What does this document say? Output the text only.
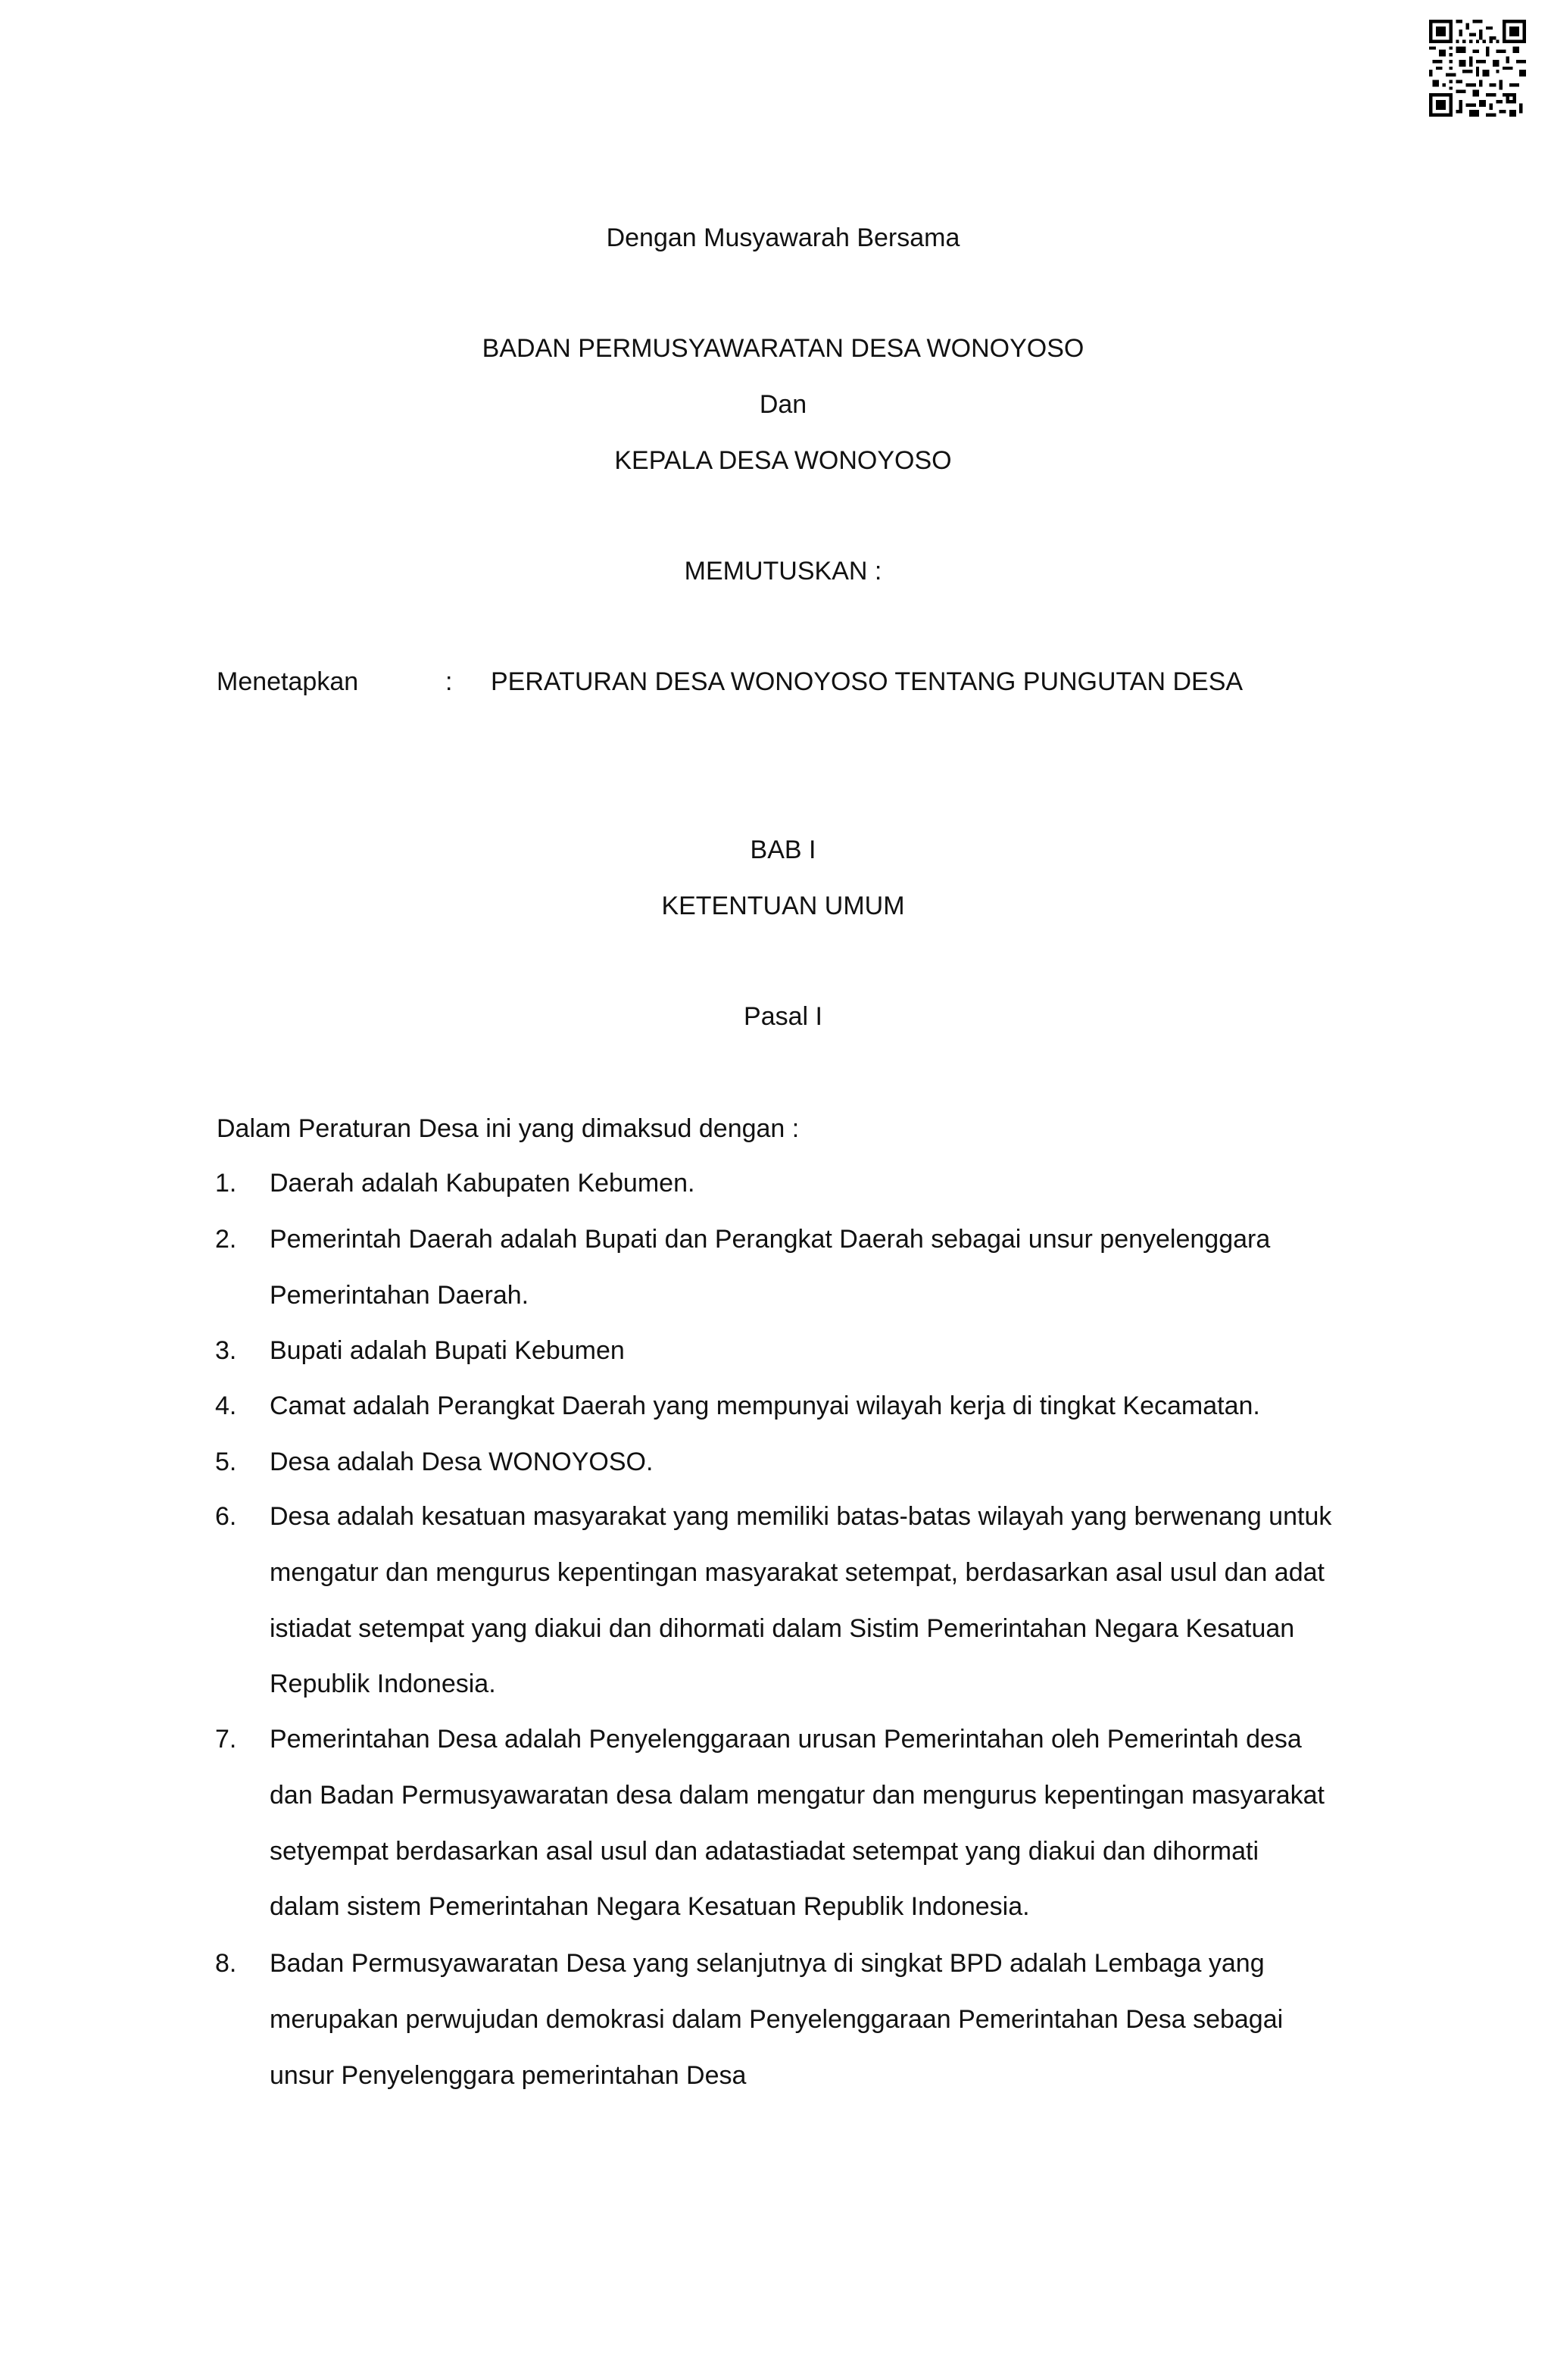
Dengan Musyawarah Bersama
BADAN PERMUSYAWARATAN DESA WONOYOSO
Dan
KEPALA DESA WONOYOSO
MEMUTUSKAN :
Menetapkan	: PERATURAN DESA WONOYOSO TENTANG PUNGUTAN DESA
BAB I
KETENTUAN UMUM
Pasal I
Dalam Peraturan Desa ini yang dimaksud dengan :
1. Daerah adalah Kabupaten Kebumen.
2. Pemerintah Daerah adalah Bupati dan Perangkat Daerah sebagai unsur penyelenggara
Pemerintahan Daerah.
3. Bupati adalah Bupati Kebumen
4. Camat adalah Perangkat Daerah yang mempunyai wilayah kerja di tingkat Kecamatan.
5. Desa adalah Desa WONOYOSO.
6. Desa adalah kesatuan masyarakat yang memiliki batas-batas wilayah yang berwenang untuk
mengatur dan mengurus kepentingan masyarakat setempat, berdasarkan asal usul dan adat
istiadat setempat yang diakui dan dihormati dalam Sistim Pemerintahan Negara Kesatuan
Republik Indonesia.
7. Pemerintahan Desa adalah Penyelenggaraan urusan Pemerintahan oleh Pemerintah desa
dan Badan Permusyawaratan desa dalam mengatur dan mengurus kepentingan masyarakat
setyempat berdasarkan asal usul dan adatastiadat setempat yang diakui dan dihormati
dalam sistem Pemerintahan Negara Kesatuan Republik Indonesia.
8. Badan Permusyawaratan Desa yang selanjutnya di singkat BPD adalah Lembaga yang
merupakan perwujudan demokrasi dalam Penyelenggaraan Pemerintahan Desa sebagai
unsur Penyelenggara pemerintahan Desa
